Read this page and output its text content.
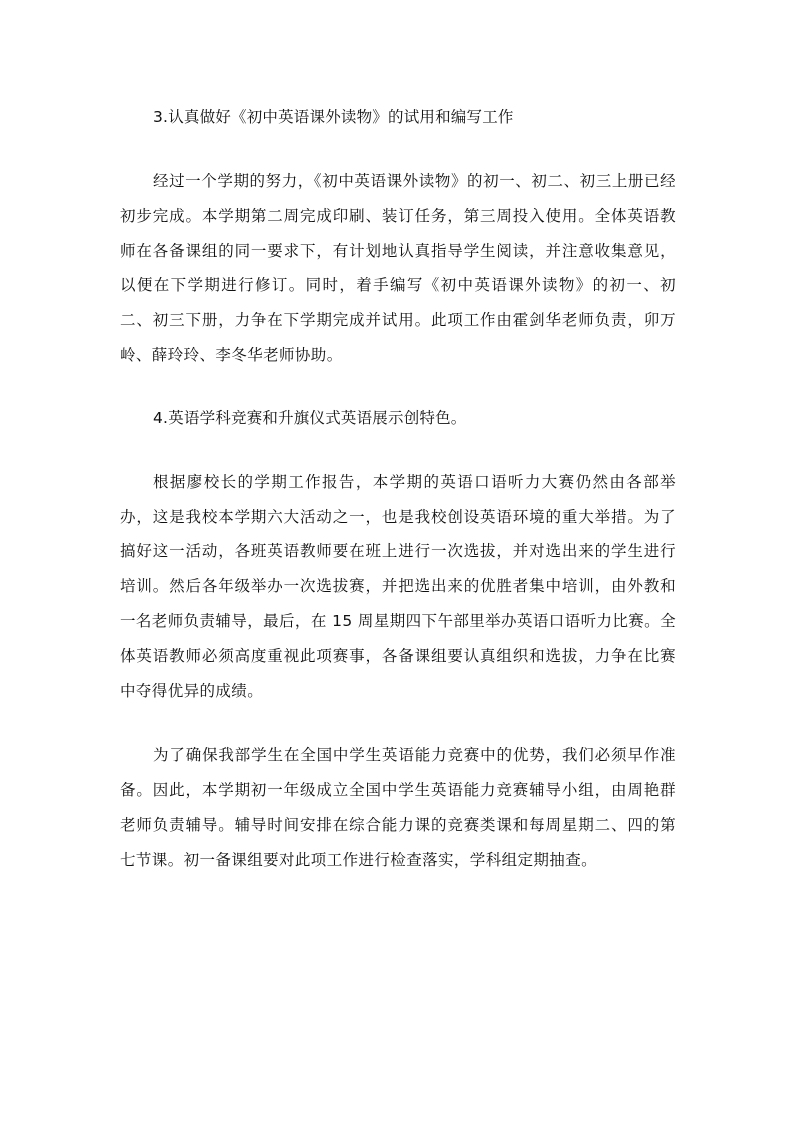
3.认真做好《初中英语课外读物》的试用和编写工作

经过一个学期的努力，《初中英语课外读物》的初一、初二、初三上册已经初步完成。本学期第二周完成印刷、装订任务，第三周投入使用。全体英语教师在各备课组的同一要求下，有计划地认真指导学生阅读，并注意收集意见，以便在下学期进行修订。同时，着手编写《初中英语课外读物》的初一、初二、初三下册，力争在下学期完成并试用。此项工作由霍剑华老师负责，卯万岭、薛玲玲、李冬华老师协助。

4.英语学科竞赛和升旗仪式英语展示创特色。

根据廖校长的学期工作报告，本学期的英语口语听力大赛仍然由各部举办，这是我校本学期六大活动之一，也是我校创设英语环境的重大举措。为了搞好这一活动，各班英语教师要在班上进行一次选拔，并对选出来的学生进行培训。然后各年级举办一次选拔赛，并把选出来的优胜者集中培训，由外教和一名老师负责辅导，最后，在 15 周星期四下午部里举办英语口语听力比赛。全体英语教师必须高度重视此项赛事，各备课组要认真组织和选拔，力争在比赛中夺得优异的成绩。

为了确保我部学生在全国中学生英语能力竞赛中的优势，我们必须早作准备。因此，本学期初一年级成立全国中学生英语能力竞赛辅导小组，由周艳群老师负责辅导。辅导时间安排在综合能力课的竞赛类课和每周星期二、四的第七节课。初一备课组要对此项工作进行检查落实，学科组定期抽查。
